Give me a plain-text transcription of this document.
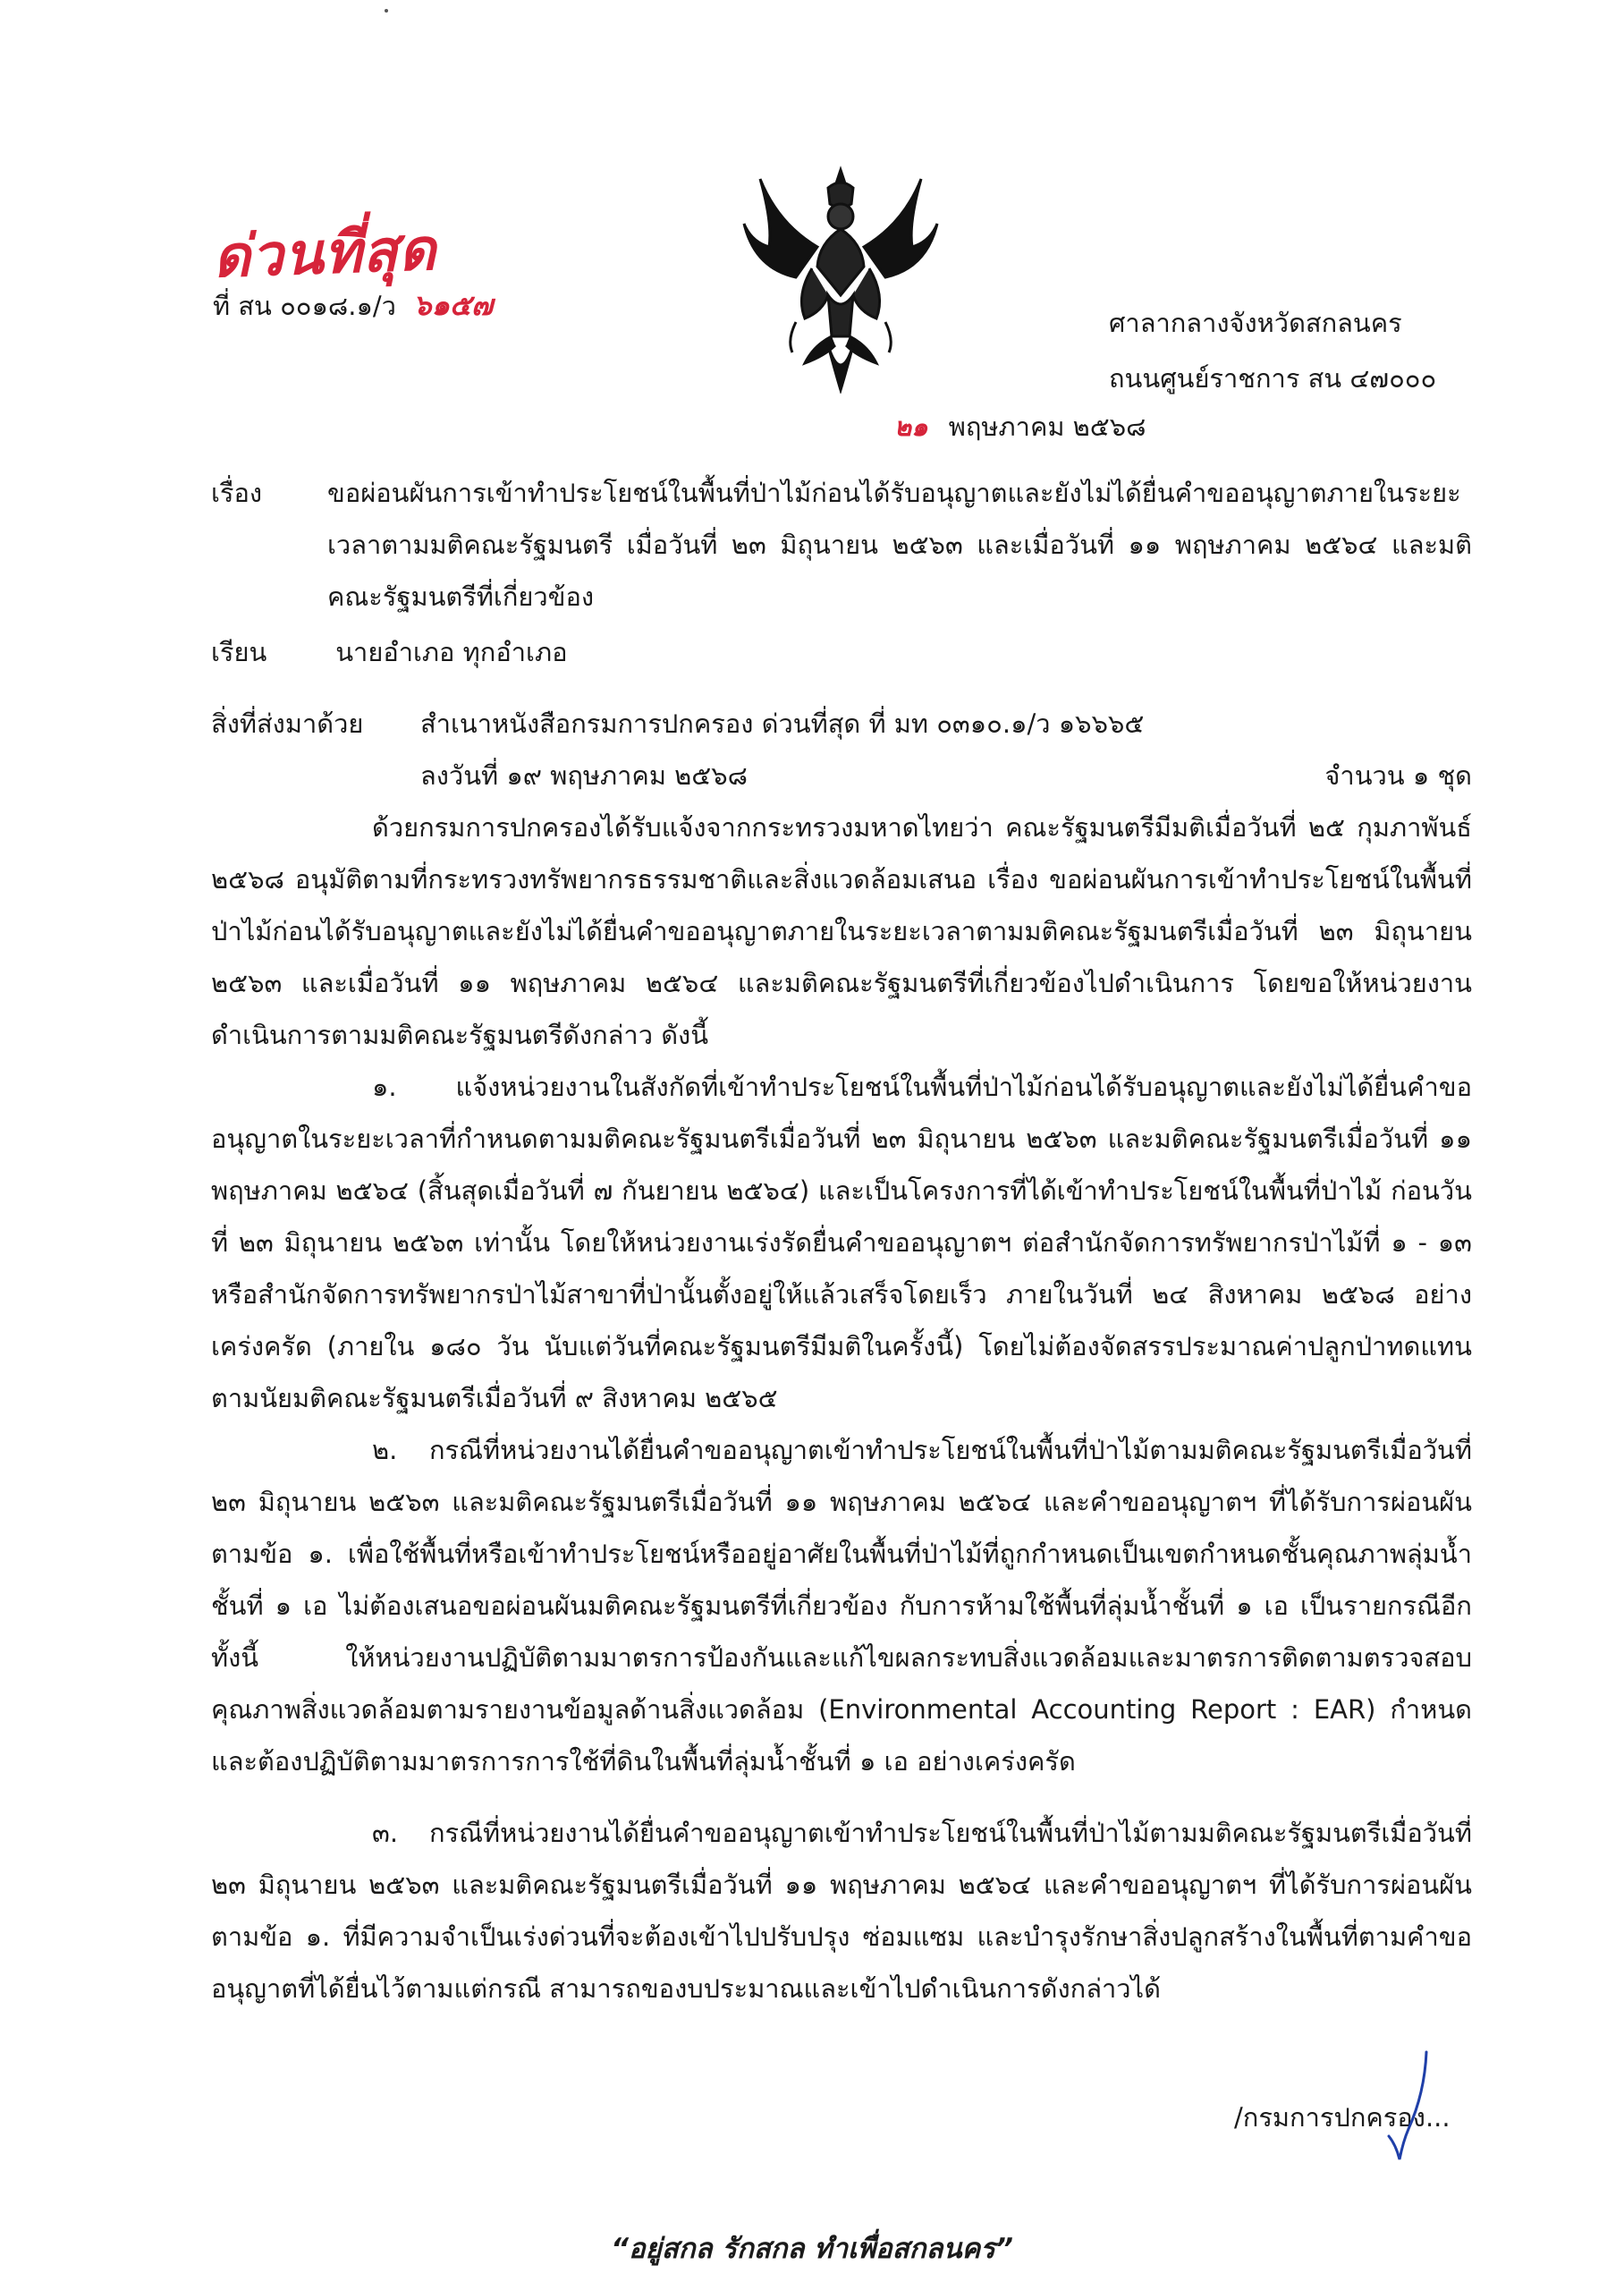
ด่วนที่สุด
ที่ สน ๐๐๑๘.๑/ว ๖๑๕๗
ศาลากลางจังหวัดสกลนคร
ถนนศูนย์ราชการ สน ๔๗๐๐๐
๒๑ พฤษภาคม ๒๕๖๘
เรื่อง	ขอผ่อนผันการเข้าทำประโยชน์ในพื้นที่ป่าไม้ก่อนได้รับอนุญาตและยังไม่ได้ยื่นคำขออนุญาตภายในระยะเวลาตามมติคณะรัฐมนตรี เมื่อวันที่ ๒๓ มิถุนายน ๒๕๖๓ และเมื่อวันที่ ๑๑ พฤษภาคม ๒๕๖๔ และมติคณะรัฐมนตรีที่เกี่ยวข้อง
เรียน	นายอำเภอ ทุกอำเภอ
สิ่งที่ส่งมาด้วย สำเนาหนังสือกรมการปกครอง ด่วนที่สุด ที่ มท ๐๓๑๐.๑/ว ๑๖๖๖๕
ลงวันที่ ๑๙ พฤษภาคม ๒๕๖๘	จำนวน ๑ ชุด

ด้วยกรมการปกครองได้รับแจ้งจากกระทรวงมหาดไทยว่า คณะรัฐมนตรีมีมติเมื่อวันที่ ๒๕ กุมภาพันธ์ ๒๕๖๘ อนุมัติตามที่กระทรวงทรัพยากรธรรมชาติและสิ่งแวดล้อมเสนอ เรื่อง ขอผ่อนผันการเข้าทำประโยชน์ในพื้นที่ป่าไม้ก่อนได้รับอนุญาตและยังไม่ได้ยื่นคำขออนุญาตภายในระยะเวลาตามมติคณะรัฐมนตรีเมื่อวันที่ ๒๓ มิถุนายน ๒๕๖๓ และเมื่อวันที่ ๑๑ พฤษภาคม ๒๕๖๔ และมติคณะรัฐมนตรีที่เกี่ยวข้องไปดำเนินการ โดยขอให้หน่วยงานดำเนินการตามมติคณะรัฐมนตรีดังกล่าว ดังนี้

๑. แจ้งหน่วยงานในสังกัดที่เข้าทำประโยชน์ในพื้นที่ป่าไม้ก่อนได้รับอนุญาตและยังไม่ได้ยื่นคำขออนุญาตในระยะเวลาที่กำหนดตามมติคณะรัฐมนตรีเมื่อวันที่ ๒๓ มิถุนายน ๒๕๖๓ และมติคณะรัฐมนตรีเมื่อวันที่ ๑๑ พฤษภาคม ๒๕๖๔ (สิ้นสุดเมื่อวันที่ ๗ กันยายน ๒๕๖๔) และเป็นโครงการที่ได้เข้าทำประโยชน์ในพื้นที่ป่าไม้ ก่อนวันที่ ๒๓ มิถุนายน ๒๕๖๓ เท่านั้น โดยให้หน่วยงานเร่งรัดยื่นคำขออนุญาตฯ ต่อสำนักจัดการทรัพยากรป่าไม้ที่ ๑ - ๑๓ หรือสำนักจัดการทรัพยากรป่าไม้สาขาที่ป่านั้นตั้งอยู่ให้แล้วเสร็จโดยเร็ว ภายในวันที่ ๒๔ สิงหาคม ๒๕๖๘ อย่างเคร่งครัด (ภายใน ๑๘๐ วัน นับแต่วันที่คณะรัฐมนตรีมีมติในครั้งนี้) โดยไม่ต้องจัดสรรประมาณค่าปลูกป่าทดแทนตามนัยมติคณะรัฐมนตรีเมื่อวันที่ ๙ สิงหาคม ๒๕๖๕

๒. กรณีที่หน่วยงานได้ยื่นคำขออนุญาตเข้าทำประโยชน์ในพื้นที่ป่าไม้ตามมติคณะรัฐมนตรีเมื่อวันที่ ๒๓ มิถุนายน ๒๕๖๓ และมติคณะรัฐมนตรีเมื่อวันที่ ๑๑ พฤษภาคม ๒๕๖๔ และคำขออนุญาตฯ ที่ได้รับการผ่อนผันตามข้อ ๑. เพื่อใช้พื้นที่หรือเข้าทำประโยชน์หรืออยู่อาศัยในพื้นที่ป่าไม้ที่ถูกกำหนดเป็นเขตกำหนดชั้นคุณภาพลุ่มน้ำชั้นที่ ๑ เอ ไม่ต้องเสนอขอผ่อนผันมติคณะรัฐมนตรีที่เกี่ยวข้อง กับการห้ามใช้พื้นที่ลุ่มน้ำชั้นที่ ๑ เอ เป็นรายกรณีอีก ทั้งนี้ ให้หน่วยงานปฏิบัติตามมาตรการป้องกันและแก้ไขผลกระทบสิ่งแวดล้อมและมาตรการติดตามตรวจสอบคุณภาพสิ่งแวดล้อมตามรายงานข้อมูลด้านสิ่งแวดล้อม (Environmental Accounting Report : EAR) กำหนด และต้องปฏิบัติตามมาตรการการใช้ที่ดินในพื้นที่ลุ่มน้ำชั้นที่ ๑ เอ อย่างเคร่งครัด

๓. กรณีที่หน่วยงานได้ยื่นคำขออนุญาตเข้าทำประโยชน์ในพื้นที่ป่าไม้ตามมติคณะรัฐมนตรีเมื่อวันที่ ๒๓ มิถุนายน ๒๕๖๓ และมติคณะรัฐมนตรีเมื่อวันที่ ๑๑ พฤษภาคม ๒๕๖๔ และคำขออนุญาตฯ ที่ได้รับการผ่อนผันตามข้อ ๑. ที่มีความจำเป็นเร่งด่วนที่จะต้องเข้าไปปรับปรุง ซ่อมแซม และบำรุงรักษาสิ่งปลูกสร้างในพื้นที่ตามคำขออนุญาตที่ได้ยื่นไว้ตามแต่กรณี สามารถของบประมาณและเข้าไปดำเนินการดังกล่าวได้

/กรมการปกครอง...
“อยู่สกล รักสกล ทำเพื่อสกลนคร”
